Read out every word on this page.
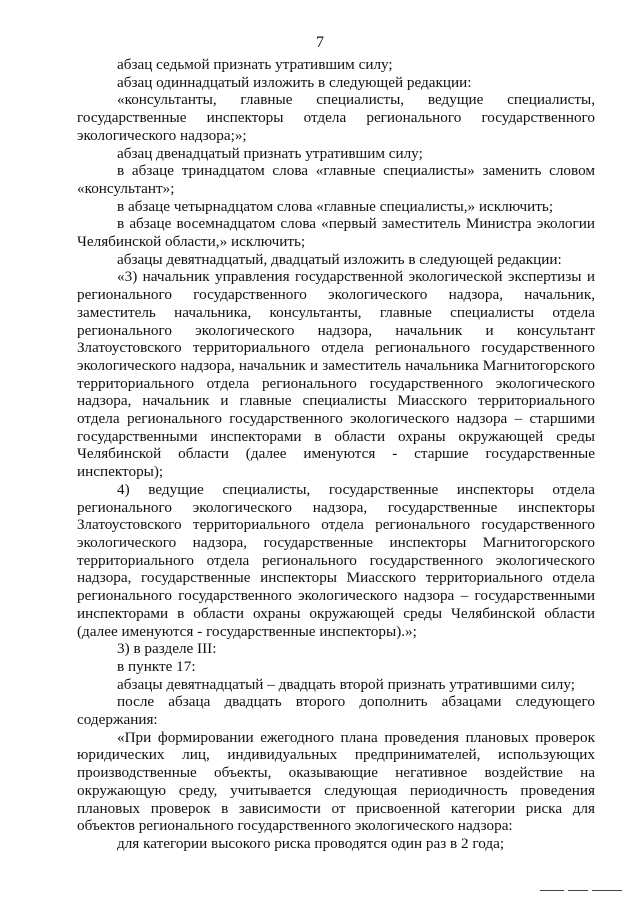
7

абзац седьмой признать утратившим силу;

абзац одиннадцатый изложить в следующей редакции:

«консультанты, главные специалисты, ведущие специалисты, государственные инспекторы отдела регионального государственного экологического надзора;»;

абзац двенадцатый признать утратившим силу;

в абзаце тринадцатом слова «главные специалисты» заменить словом «консультант»;

в абзаце четырнадцатом слова «главные специалисты,» исключить;

в абзаце восемнадцатом слова «первый заместитель Министра экологии Челябинской области,» исключить;

абзацы девятнадцатый, двадцатый изложить в следующей редакции:

«3) начальник управления государственной экологической экспертизы и регионального государственного экологического надзора, начальник, заместитель начальника, консультанты, главные специалисты отдела регионального экологического надзора, начальник и консультант Златоустовского территориального отдела регионального государственного экологического надзора, начальник и заместитель начальника Магнитогорского территориального отдела регионального государственного экологического надзора, начальник и главные специалисты Миасского территориального отдела регионального государственного экологического надзора – старшими государственными инспекторами в области охраны окружающей среды Челябинской области (далее именуются - старшие государственные инспекторы);

4) ведущие специалисты, государственные инспекторы отдела регионального экологического надзора, государственные инспекторы Златоустовского территориального отдела регионального государственного экологического надзора, государственные инспекторы Магнитогорского территориального отдела регионального государственного экологического надзора, государственные инспекторы Миасского территориального отдела регионального государственного экологического надзора – государственными инспекторами в области охраны окружающей среды Челябинской области (далее именуются - государственные инспекторы).»;

3) в разделе III:

в пункте 17:

абзацы девятнадцатый – двадцать второй признать утратившими силу;

после абзаца двадцать второго дополнить абзацами следующего содержания:

«При формировании ежегодного плана проведения плановых проверок юридических лиц, индивидуальных предпринимателей, использующих производственные объекты, оказывающие негативное воздействие на окружающую среду, учитывается следующая периодичность проведения плановых проверок в зависимости от присвоенной категории риска для объектов регионального государственного экологического надзора:

для категории высокого риска проводятся один раз в 2 года;
